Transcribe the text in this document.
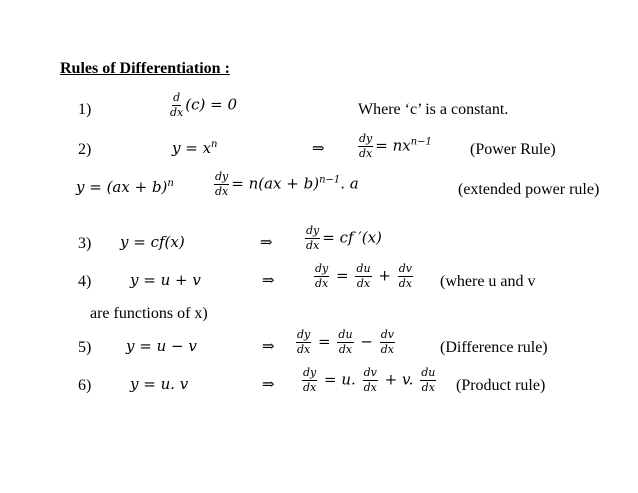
Rules of Differentiation :
1)	$\frac{d}{dx} (c) = 0$	Where ‘c’ is a constant.
2)	$y = x^n$	⇒	$\frac{dy}{dx} = nx^{n-1}$ (Power Rule)
y = (ax + b)$^n$	$\frac{dy}{dx} = n(ax + b)^{n-1}$. a	(extended power rule)
3) y = cf(x)	⇒	$\frac{dy}{dx}$ = cf ′(x)
4)	y = u + v	⇒	$\frac{dy}{dx} = \frac{du}{dx} + \frac{dv}{dx}$ (where u and v
are functions of x)
5) y = u − v	⇒ $\frac{dy}{dx} = \frac{du}{dx} - \frac{dv}{dx}$	(Difference rule)
6)	y = u. v	⇒ $\frac{dy}{dx} = u$. $\frac{dv}{dx} + v$. $\frac{du}{dx}$ (Product rule)
